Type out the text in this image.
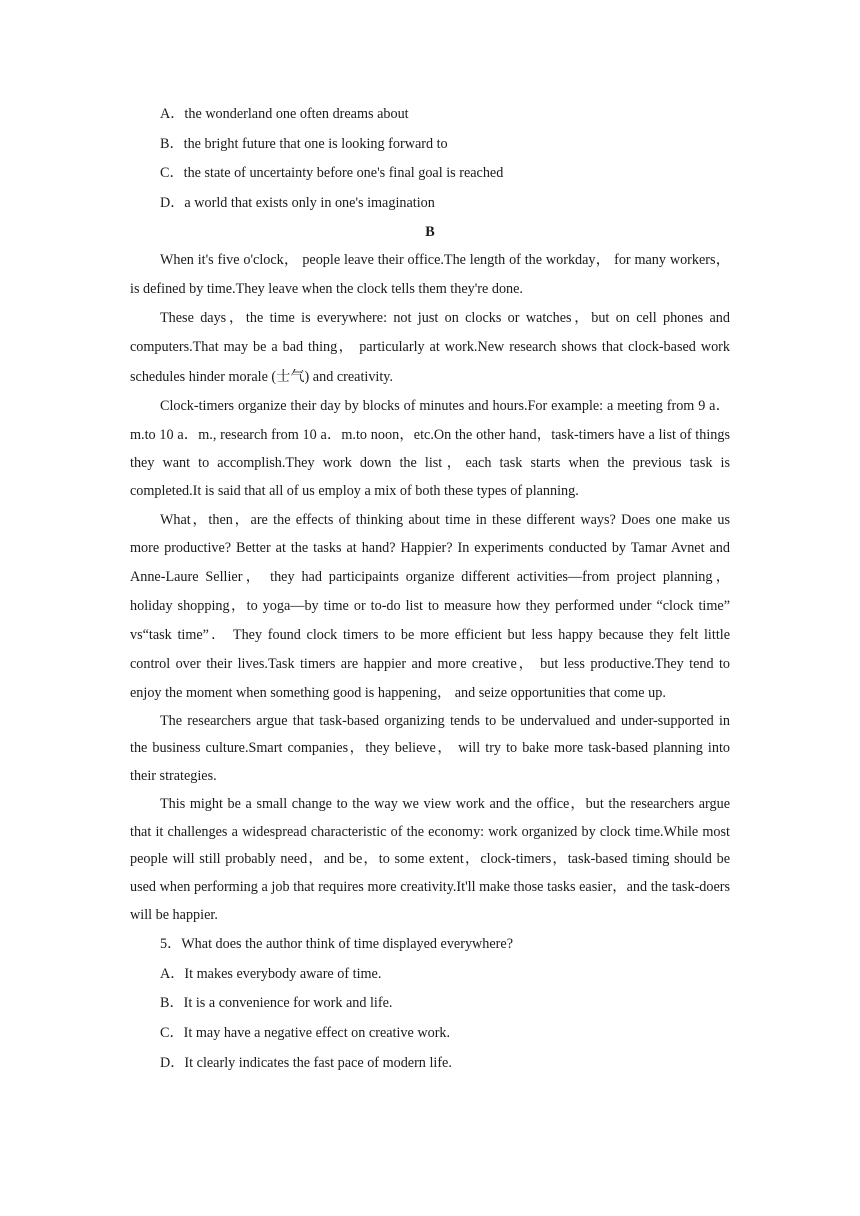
A．the wonderland one often dreams about
B．the bright future that one is looking forward to
C．the state of uncertainty before one's final goal is reached
D．a world that exists only in one's imagination
B

When it's five o'clock， people leave their office.The length of the workday， for many workers，is defined by time.They leave when the clock tells them they're done.

These days，the time is everywhere: not just on clocks or watches，but on cell phones and computers.That may be a bad thing， particularly at work.New research shows that clock-based work schedules hinder morale (士气) and creativity.

Clock-timers organize their day by blocks of minutes and hours.For example: a meeting from 9 a．m.to 10 a．m., research from 10 a．m.to noon，etc.On the other hand，task-timers have a list of things they want to accomplish.They work down the list，each task starts when the previous task is completed.It is said that all of us employ a mix of both these types of planning.

What，then，are the effects of thinking about time in these different ways? Does one make us more productive? Better at the tasks at hand? Happier? In experiments conducted by Tamar Avnet and Anne-Laure Sellier， they had participaints organize different activities—from project planning，holiday shopping，to yoga—by time or to-do list to measure how they performed under “clock time” vs“task time”． They found clock timers to be more efficient but less happy because they felt little control over their lives.Task timers are happier and more creative， but less productive.They tend to enjoy the moment when something good is happening， and seize opportunities that come up.

The researchers argue that task-based organizing tends to be undervalued and under-supported in the business culture.Smart companies，they believe， will try to bake more task-based planning into their strategies.

This might be a small change to the way we view work and the office，but the researchers argue that it challenges a widespread characteristic of the economy: work organized by clock time.While most people will still probably need，and be，to some extent，clock-timers，task-based timing should be used when performing a job that requires more creativity.It'll make those tasks easier，and the task-doers will be happier.

5．What does the author think of time displayed everywhere?
A．It makes everybody aware of time.
B．It is a convenience for work and life.
C．It may have a negative effect on creative work.
D．It clearly indicates the fast pace of modern life.
